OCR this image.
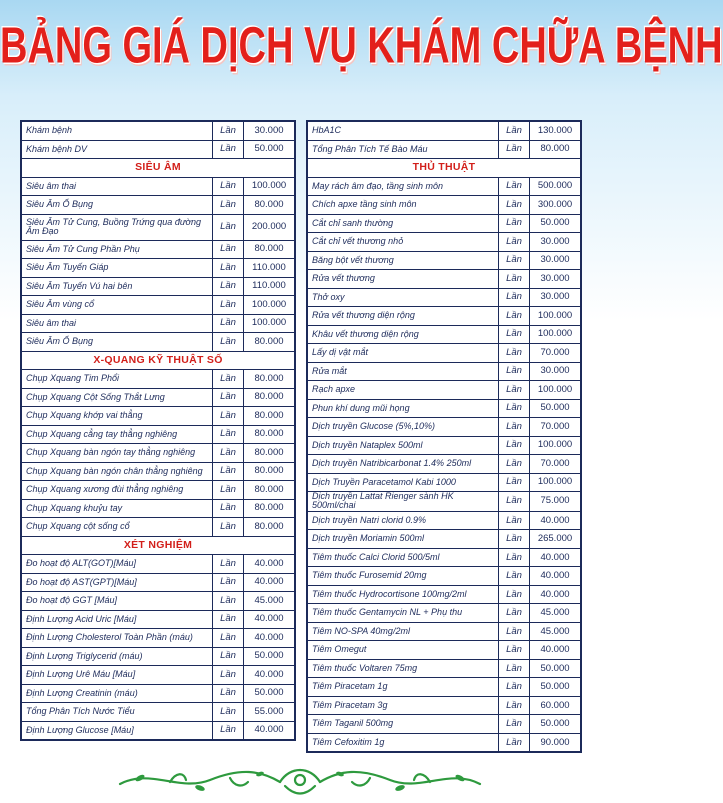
BẢNG GIÁ DỊCH VỤ KHÁM CHỮA BỆNH
Khám bệnh	Lần	30.000
Khám bệnh DV	Lần	50.000
SIÊU ÂM		
Siêu âm thai	Lần	100.000
Siêu Âm Ổ Bụng	Lần	80.000
Siêu Âm Tử Cung, Buồng Trứng qua đường Âm Đạo	Lần	200.000
Siêu Âm Tử Cung Phần Phụ	Lần	80.000
Siêu Âm Tuyến Giáp	Lần	110.000
Siêu Âm Tuyến Vú hai bên	Lần	110.000
Siêu Âm vùng cổ	Lần	100.000
Siêu âm thai	Lần	100.000
Siêu Âm Ổ Bụng	Lần	80.000
X-QUANG KỸ THUẬT SỐ		
Chụp Xquang Tim Phổi	Lần	80.000
Chụp Xquang Cột Sống Thắt Lưng	Lần	80.000
Chụp Xquang khớp vai thẳng	Lần	80.000
Chụp Xquang cẳng tay thẳng nghiêng	Lần	80.000
Chụp Xquang bàn ngón tay thẳng nghiêng	Lần	80.000
Chụp Xquang bàn ngón chân thẳng nghiêng	Lần	80.000
Chụp Xquang xương đùi thẳng nghiêng	Lần	80.000
Chụp Xquang khuỷu tay	Lần	80.000
Chụp Xquang cột sống cổ	Lần	80.000
XÉT NGHIỆM		
Đo hoạt độ ALT(GOT)[Máu]	Lần	40.000
Đo hoạt độ AST(GPT)[Máu]	Lần	40.000
Đo hoạt độ GGT [Máu]	Lần	45.000
Định Lượng Acid Uric [Máu]	Lần	40.000
Định Lượng Cholesterol Toàn Phần (máu)	Lần	40.000
Định Lượng Triglycerid (máu)	Lần	50.000
Định Lượng Urê Máu [Máu]	Lần	40.000
Định Lượng Creatinin (máu)	Lần	50.000
Tổng Phân Tích Nước Tiểu	Lần	55.000
Định Lượng Glucose [Máu]	Lần	40.000
HbA1C	Lần	130.000
Tổng Phân Tích Tế Bào Máu	Lần	80.000
THỦ THUẬT		
May rách âm đạo, tầng sinh môn	Lần	500.000
Chích apxe tầng sinh môn	Lần	300.000
Cắt chỉ sanh thường	Lần	50.000
Cắt chỉ vết thương nhỏ	Lần	30.000
Băng bột vết thương	Lần	30.000
Rửa vết thương	Lần	30.000
Thở oxy	Lần	30.000
Rửa vết thương diện rộng	Lần	100.000
Khâu vết thương diện rộng	Lần	100.000
Lấy dị vật mắt	Lần	70.000
Rửa mắt	Lần	30.000
Rạch apxe	Lần	100.000
Phun khí dung mũi họng	Lần	50.000
Dịch truyền Glucose (5%,10%)	Lần	70.000
Dịch truyền Nataplex 500ml	Lần	100.000
Dịch truyền Natribicarbonat 1.4% 250ml	Lần	70.000
Dịch Truyền Paracetamol Kabi 1000	Lần	100.000
Dịch truyền Lattat Rienger sành HK 500ml/chai	Lần	75.000
Dịch truyền Natri clorid 0.9%	Lần	40.000
Dịch truyền Moriamin 500ml	Lần	265.000
Tiêm thuốc Calci Clorid 500/5ml	Lần	40.000
Tiêm thuốc Furosemid 20mg	Lần	40.000
Tiêm thuốc Hydrocortisone 100mg/2ml	Lần	40.000
Tiêm thuốc Gentamycin NL + Phụ thu	Lần	45.000
Tiêm NO-SPA 40mg/2ml	Lần	45.000
Tiêm Omegut	Lần	40.000
Tiêm thuốc Voltaren 75mg	Lần	50.000
Tiêm Piracetam 1g	Lần	50.000
Tiêm Piracetam 3g	Lần	60.000
Tiêm Taganil 500mg	Lần	50.000
Tiêm Cefoxitim 1g	Lần	90.000
